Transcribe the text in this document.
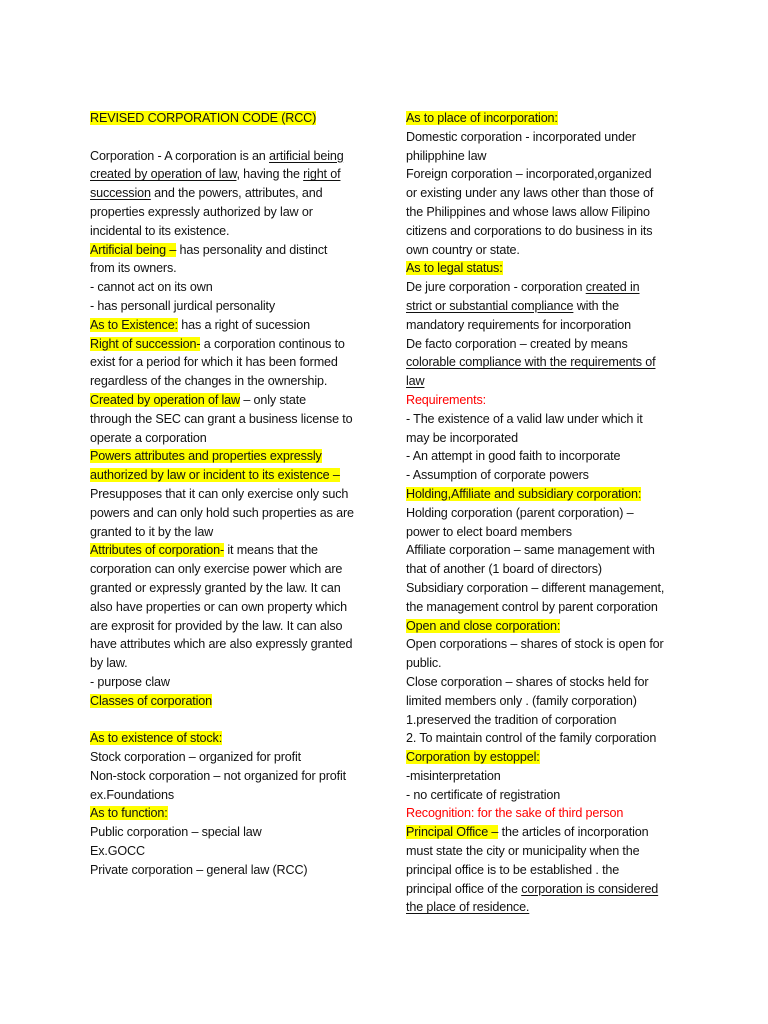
REVISED CORPORATION CODE (RCC)
Corporation - A corporation is an artificial being
created by operation of law, having the right of
succession and the powers, attributes, and
properties expressly authorized by law or
incidental to its existence.
Artificial being – has personality and distinct
from its owners.
- cannot act on its own
- has personall jurdical personality
As to Existence: has a right of sucession
Right of succession- a corporation continous to
exist for a period for which it has been formed
regardless of the changes in the ownership.
Created by operation of law – only state
through the SEC can grant a business license to
operate a corporation
Powers attributes and properties expressly
authorized by law or incident to its existence –
Presupposes that it can only exercise only such
powers and can only hold such properties as are
granted to it by the law
Attributes of corporation- it means that the
corporation can only exercise power which are
granted or expressly granted by the law. It can
also have properties or can own property which
are exprosit for provided by the law. It can also
have attributes which are also expressly granted
by law.
- purpose claw
Classes of corporation
As to existence of stock:
Stock corporation – organized for profit
Non-stock corporation – not organized for profit
ex.Foundations
As to function:
Public corporation – special law
Ex.GOCC
Private corporation – general law (RCC)
As to place of incorporation:
Domestic corporation - incorporated under
philipphine law
Foreign corporation – incorporated,organized
or existing under any laws other than those of
the Philippines and whose laws allow Filipino
citizens and corporations to do business in its
own country or state.
As to legal status:
De jure corporation - corporation created in
strict or substantial compliance with the
mandatory requirements for incorporation
De facto corporation – created by means
colorable compliance with the requirements of
law
Requirements:
- The existence of a valid law under which it
may be incorporated
- An attempt in good faith to incorporate
- Assumption of corporate powers
Holding,Affiliate and subsidiary corporation:
Holding corporation (parent corporation) –
power to elect board members
Affiliate corporation – same management with
that of another (1 board of directors)
Subsidiary corporation – different management,
the management control by parent corporation
Open and close corporation:
Open corporations – shares of stock is open for
public.
Close corporation – shares of stocks held for
limited members only . (family corporation)
1.preserved the tradition of corporation
2. To maintain control of the family corporation
Corporation by estoppel:
-misinterpretation
- no certificate of registration
Recognition: for the sake of third person
Principal Office – the articles of incorporation
must state the city or municipality when the
principal office is to be established . the
principal office of the corporation is considered
the place of residence.
